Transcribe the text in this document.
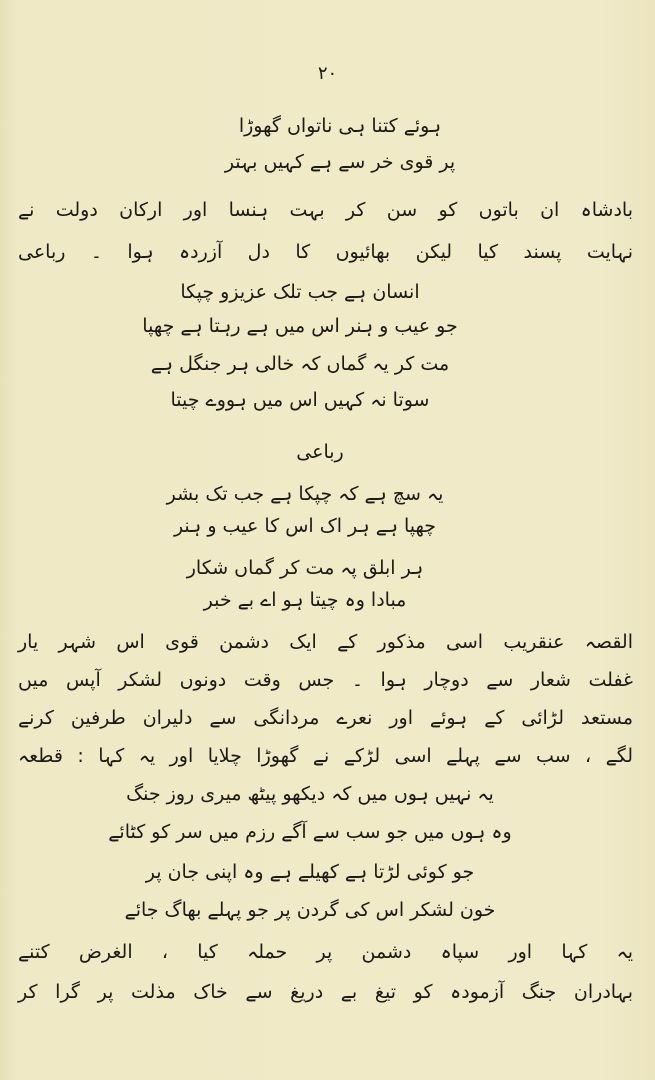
۲۰
ہوئے کتنا ہی ناتواں گھوڑا
پر قوی خر سے ہے کہیں بہتر
بادشاہ ان باتوں کو سن کر بہت ہنسا اور ارکان دولت نے
نہایت پسند کیا لیکن بھائیوں کا دل آزردہ ہوا ۔ رباعی
انسان ہے جب تلک عزیزو چپکا
جو عیب و ہنر اس میں ہے رہتا ہے چھپا
مت کر یہ گماں کہ خالی ہر جنگل ہے
سوتا نہ کہیں اس میں ہووے چیتا
رباعی
یہ سچ ہے کہ چپکا ہے جب تک بشر
چھپا ہے ہر اک اس کا عیب و ہنر
ہر ابلق پہ مت کر گماں شکار
مبادا وہ چیتا ہو اے بے خبر
القصہ عنقریب اسی مذکور کے ایک دشمن قوی اس شہر یار
غفلت شعار سے دوچار ہوا ۔ جس وقت دونوں لشکر آپس میں
مستعد لڑائی کے ہوئے اور نعرے مردانگی سے دلیران طرفین کرنے
لگے ، سب سے پہلے اسی لڑکے نے گھوڑا چلایا اور یہ کہا : قطعہ
یہ نہیں ہوں میں کہ دیکھو پیٹھ میری روز جنگ
وہ ہوں میں جو سب سے آگے رزم میں سر کو کٹائے
جو کوئی لڑتا ہے کھیلے ہے وہ اپنی جان پر
خون لشکر اس کی گردن پر جو پہلے بھاگ جائے
یہ کہا اور سپاہ دشمن پر حملہ کیا ، الغرض کتنے
بہادران جنگ آزمودہ کو تیغ بے دریغ سے خاک مذلت پر گرا کر
